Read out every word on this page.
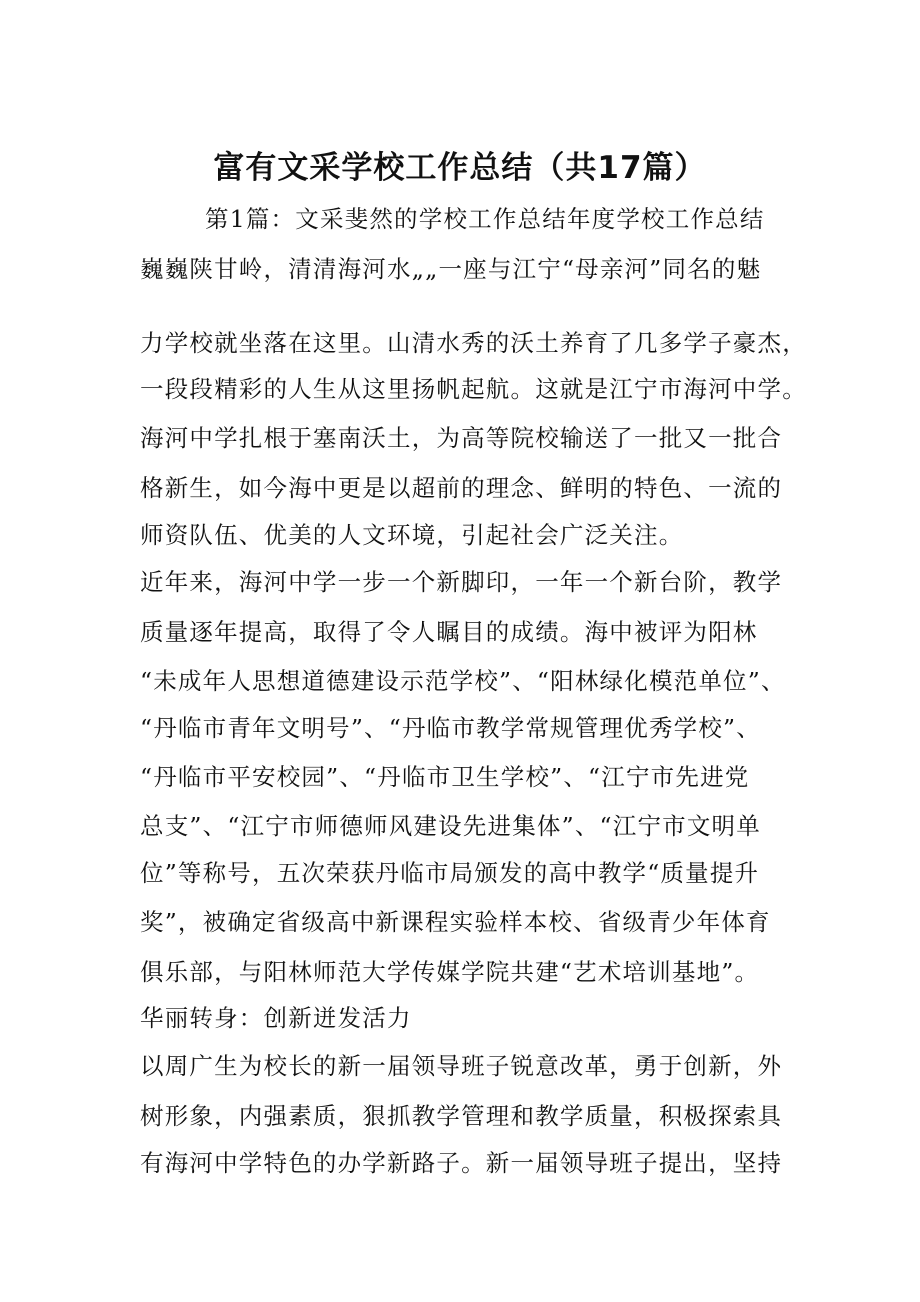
富有文采学校工作总结（共17篇）
第1篇：文采斐然的学校工作总结年度学校工作总结
巍巍陕甘岭，清清海河水„„一座与江宁“母亲河”同名的魅
力学校就坐落在这里。山清水秀的沃土养育了几多学子豪杰，
一段段精彩的人生从这里扬帆起航。这就是江宁市海河中学。
海河中学扎根于塞南沃土，为高等院校输送了一批又一批合
格新生，如今海中更是以超前的理念、鲜明的特色、一流的
师资队伍、优美的人文环境，引起社会广泛关注。
近年来，海河中学一步一个新脚印，一年一个新台阶，教学
质量逐年提高，取得了令人瞩目的成绩。海中被评为阳林
“未成年人思想道德建设示范学校”、“阳林绿化模范单位”、
“丹临市青年文明号”、“丹临市教学常规管理优秀学校”、
“丹临市平安校园”、“丹临市卫生学校”、“江宁市先进党
总支”、“江宁市师德师风建设先进集体”、“江宁市文明单
位”等称号，五次荣获丹临市局颁发的高中教学“质量提升
奖”，被确定省级高中新课程实验样本校、省级青少年体育
俱乐部，与阳林师范大学传媒学院共建“艺术培训基地”。
华丽转身：创新迸发活力
以周广生为校长的新一届领导班子锐意改革，勇于创新，外
树形象，内强素质，狠抓教学管理和教学质量，积极探索具
有海河中学特色的办学新路子。新一届领导班子提出，坚持
